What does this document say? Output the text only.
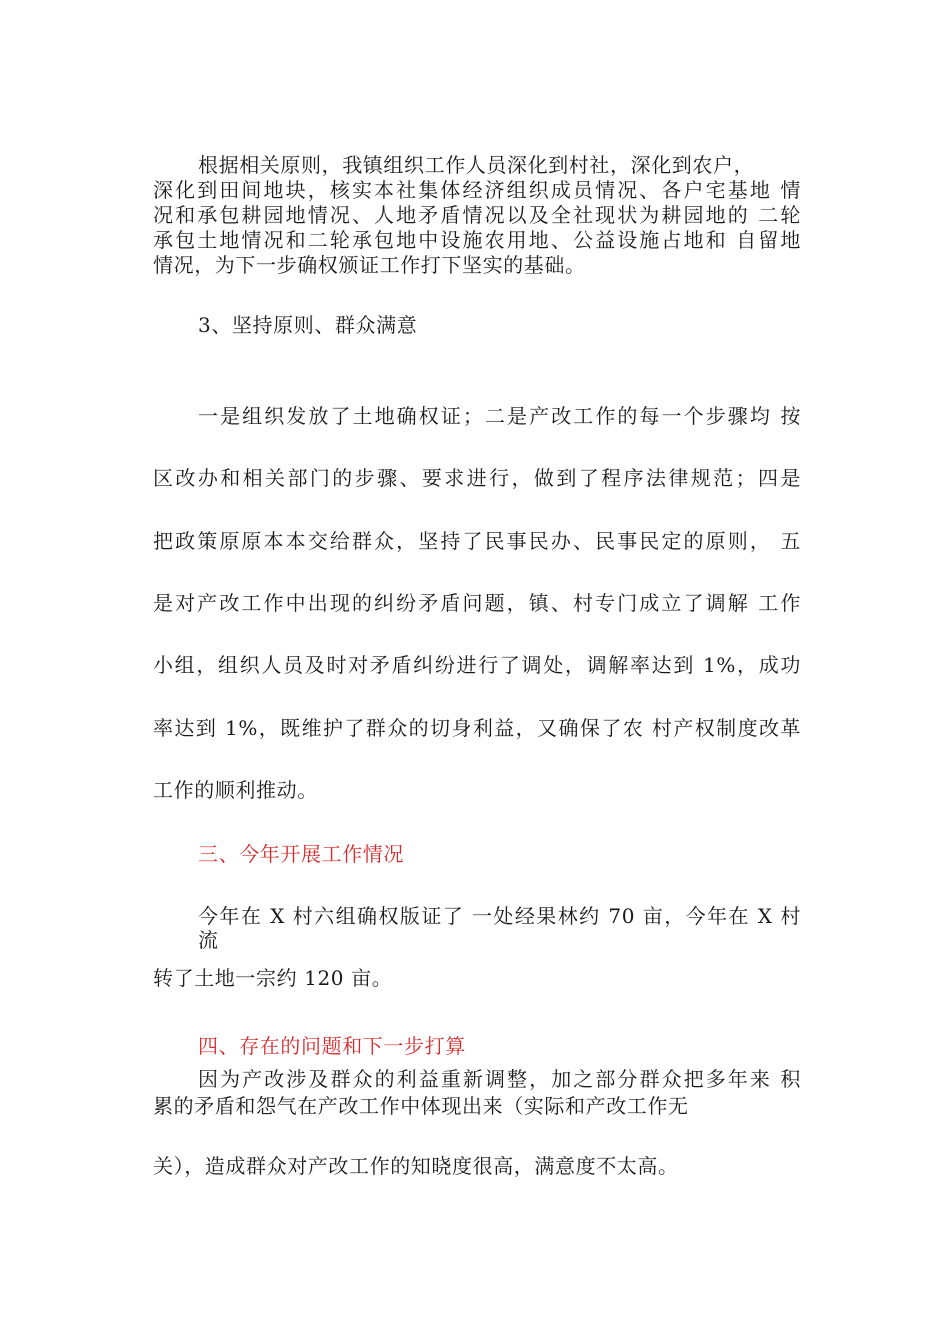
根据相关原则，我镇组织工作人员深化到村社，深化到农户，
深化到田间地块，核实本社集体经济组织成员情况、各户宅基地 情
况和承包耕园地情况、人地矛盾情况以及全社现状为耕园地的 二轮
承包土地情况和二轮承包地中设施农用地、公益设施占地和 自留地
情况，为下一步确权颁证工作打下坚实的基础。
3、坚持原则、群众满意
一是组织发放了土地确权证；二是产改工作的每一个步骤均 按
区改办和相关部门的步骤、要求进行，做到了程序法律规范；四是
把政策原原本本交给群众，坚持了民事民办、民事民定的原则， 五
是对产改工作中出现的纠纷矛盾问题，镇、村专门成立了调解 工作
小组，组织人员及时对矛盾纠纷进行了调处，调解率达到 1%，成功
率达到 1%，既维护了群众的切身利益，又确保了农 村产权制度改革
工作的顺利推动。
三、今年开展工作情况
今年在 X 村六组确权版证了 一处经果林约 70 亩，今年在 X 村 流
转了土地一宗约 120 亩。
四、存在的问题和下一步打算
因为产改涉及群众的利益重新调整，加之部分群众把多年来 积
累的矛盾和怨气在产改工作中体现出来（实际和产改工作无
关），造成群众对产改工作的知晓度很高，满意度不太高。
